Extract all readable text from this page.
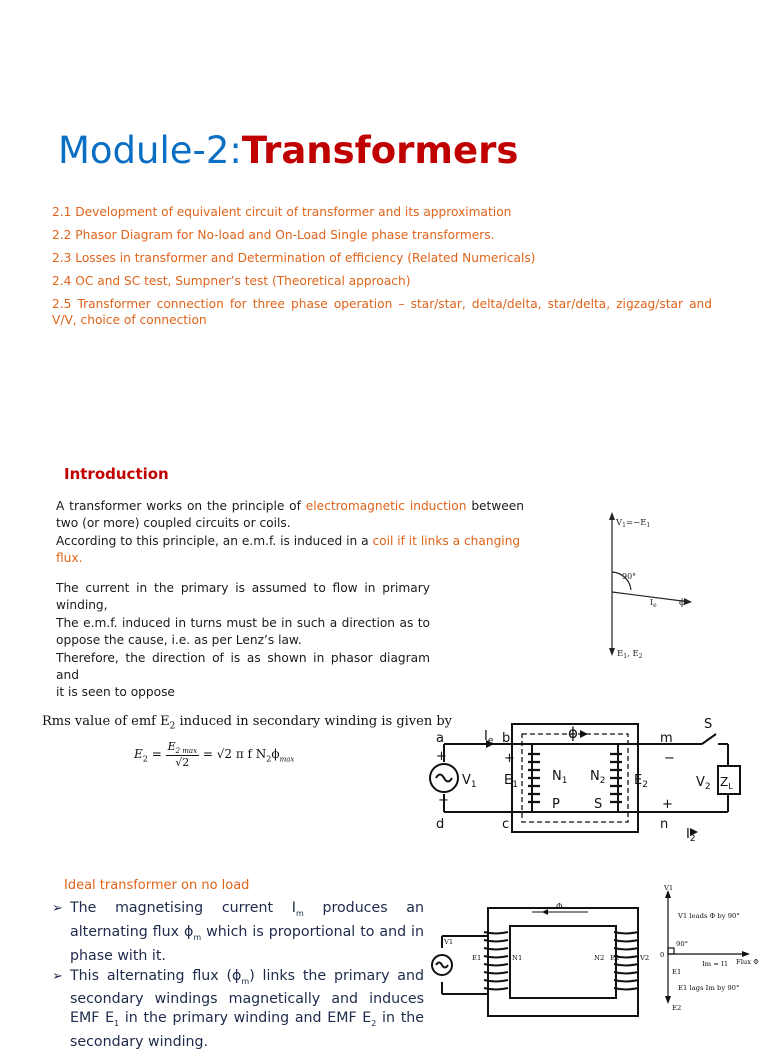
Module-2:Transformers
2.1 Development of equivalent circuit of transformer and its approximation
2.2 Phasor Diagram for No-load and On-Load Single phase transformers.
2.3 Losses in transformer and Determination of efficiency (Related Numericals)
2.4 OC and SC test, Sumpner’s test (Theoretical approach)
2.5 Transformer connection for three phase operation – star/star, delta/delta, star/delta, zigzag/star and V/V, choice of connection
Introduction
A transformer works on the principle of electromagnetic induction between
two (or more) coupled circuits or coils.
According to this principle, an e.m.f. is induced in a coil if it links a changing flux.
The current in the primary is assumed to flow in primary
winding,
The e.m.f. induced in turns must be in such a direction as to
oppose the cause, i.e. as per Lenz’s law.
Therefore, the direction of is as shown in phasor diagram and
it is seen to oppose
$V_1=-E_1$
90°
$I_e$ ϕ
$E_1$, $E_2$
Rms value of emf $E_2$ induced in secondary winding is given by
$E_2$ =
$E_{2 max}$
√2
= √2 π f $N_2\phi_{max}$
a
d
$I_e$ b
c
ϕ
$V_1$ $E_1$
$N_1$
P
$N_2$
S
$E_2$
m
n
S
$V_2$ $Z_L$
$I_2$
+
+
−
+	−
Ideal transformer on no load
➢ The magnetising current $I_m$ produces an alternating flux $\phi_m$ which is proportional to and in phase with it.
➢ This alternating flux $(\phi_m)$ links the primary and secondary windings magnetically and induces EMF $E_1$ in the primary winding and EMF $E_2$ in the secondary winding.
Φ
V1
E1	N1	N2 E2	V2
V1
V1 leads Φ by 90°
90°
0
Im = I1 Flux Φ
E1
E1 lags Im by 90°
E2
